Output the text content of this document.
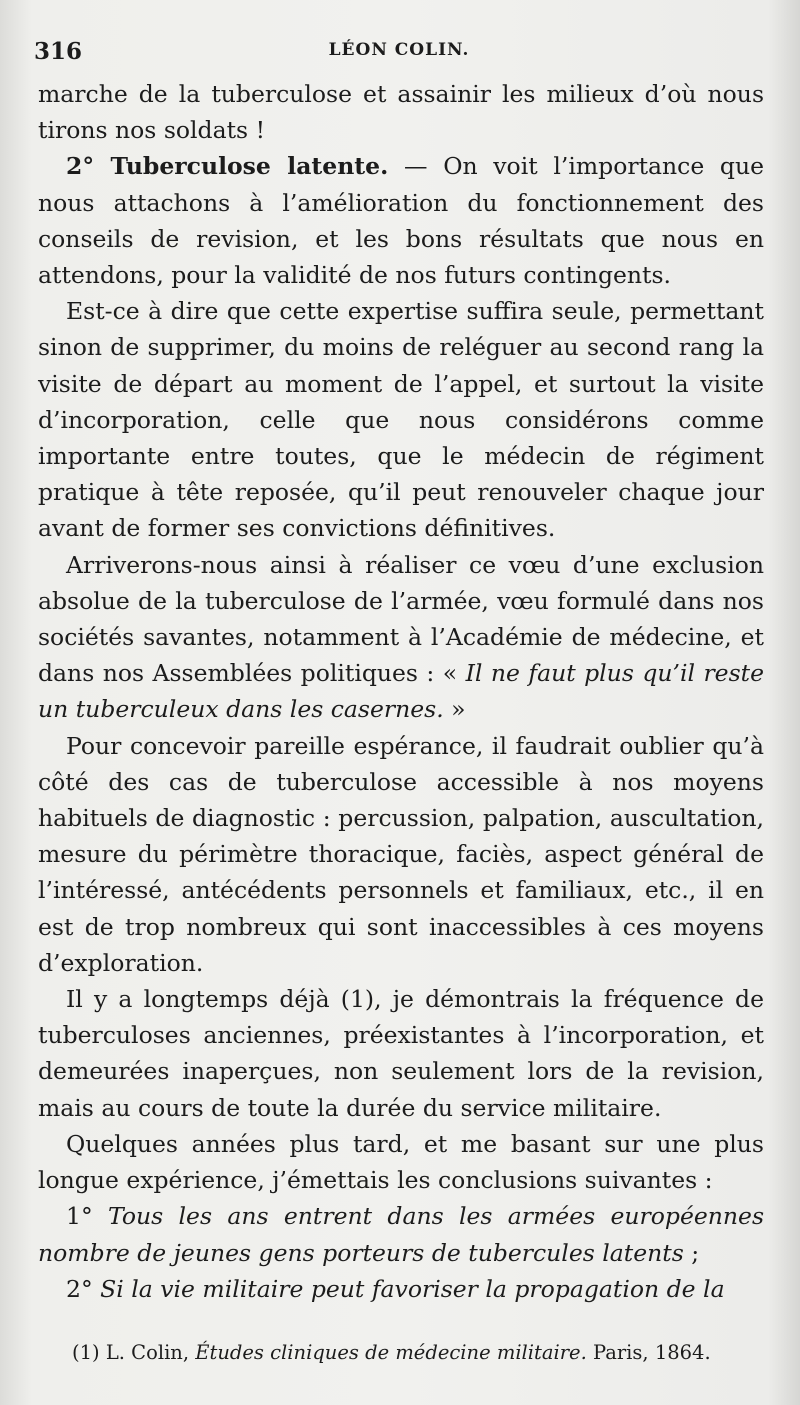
316	LÉON COLIN.

marche de la tuberculose et assainir les milieux d’où nous tirons nos soldats !

2° Tuberculose latente. — On voit l’importance que nous attachons à l’amélioration du fonctionnement des conseils de revision, et les bons résultats que nous en attendons, pour la validité de nos futurs contingents.

Est-ce à dire que cette expertise suffira seule, permettant sinon de supprimer, du moins de reléguer au second rang la visite de départ au moment de l’appel, et surtout la visite d’incorporation, celle que nous considérons comme importante entre toutes, que le médecin de régiment pratique à tête reposée, qu’il peut renouveler chaque jour avant de former ses convictions définitives.

Arriverons-nous ainsi à réaliser ce vœu d’une exclusion absolue de la tuberculose de l’armée, vœu formulé dans nos sociétés savantes, notamment à l’Académie de médecine, et dans nos Assemblées politiques : « Il ne faut plus qu’il reste un tuberculeux dans les casernes. »

Pour concevoir pareille espérance, il faudrait oublier qu’à côté des cas de tuberculose accessible à nos moyens habituels de diagnostic : percussion, palpation, auscultation, mesure du périmètre thoracique, faciès, aspect général de l’intéressé, antécédents personnels et familiaux, etc., il en est de trop nombreux qui sont inaccessibles à ces moyens d’exploration.

Il y a longtemps déjà (1), je démontrais la fréquence de tuberculoses anciennes, préexistantes à l’incorporation, et demeurées inaperçues, non seulement lors de la revision, mais au cours de toute la durée du service militaire.

Quelques années plus tard, et me basant sur une plus longue expérience, j’émettais les conclusions suivantes :

1° Tous les ans entrent dans les armées européennes nombre de jeunes gens porteurs de tubercules latents ;

2° Si la vie militaire peut favoriser la propagation de la

(1) L. Colin, Études cliniques de médecine militaire. Paris, 1864.
